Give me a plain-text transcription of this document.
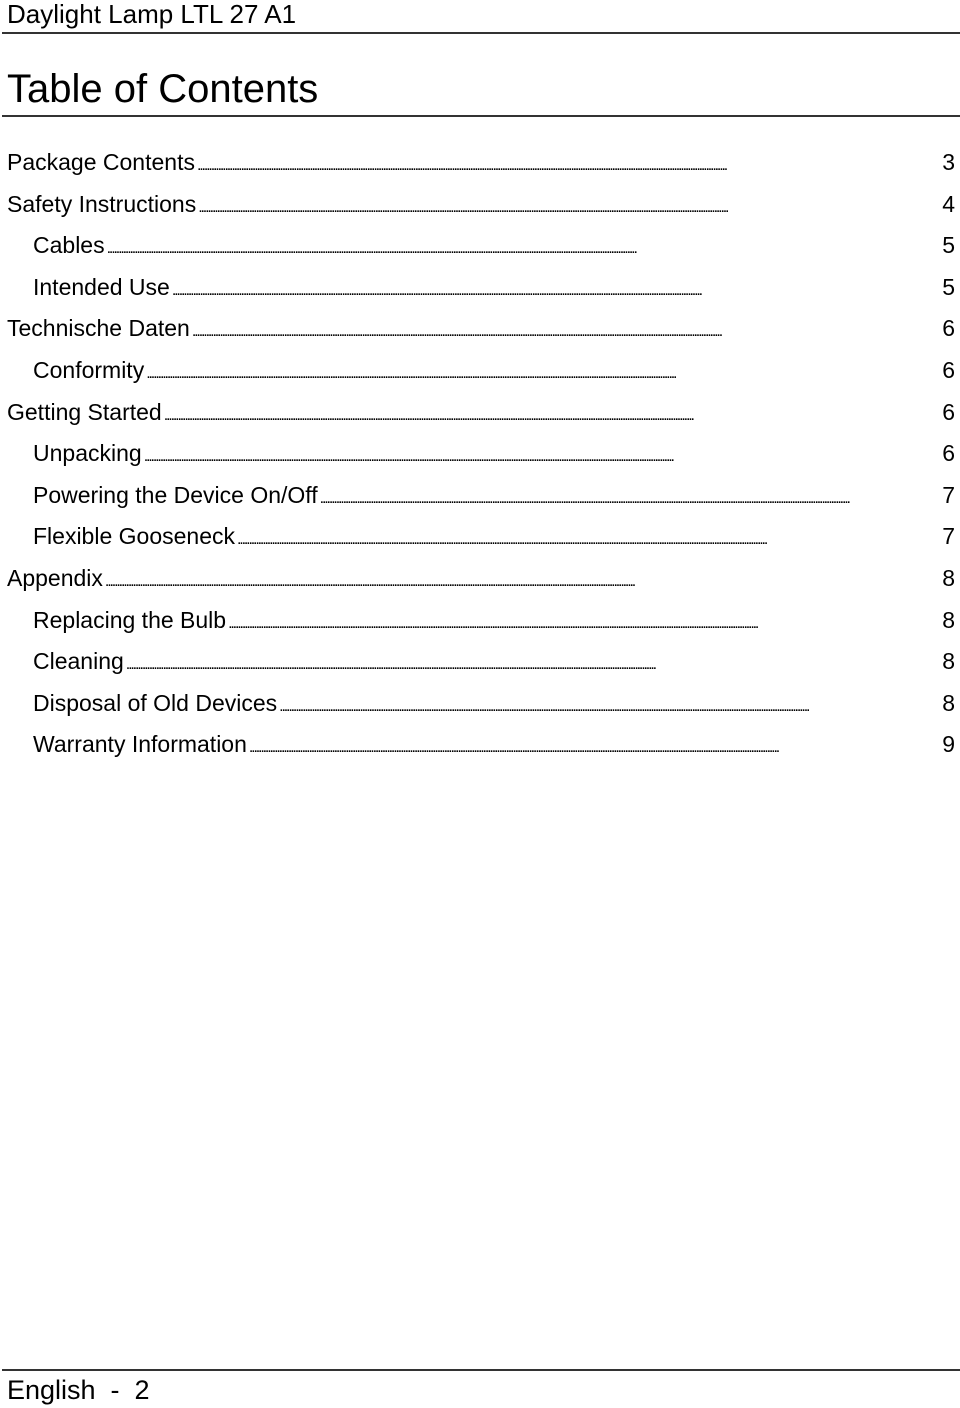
Daylight Lamp LTL 27 A1
Table of Contents
Package Contents . . .	3
Safety Instructions . . .	4
Cables . . .	5
Intended Use . . .	5
Technische Daten . . .	6
Conformity . . .	6
Getting Started . . .	6
Unpacking . . .	6
Powering the Device On/Off . . .	7
Flexible Gooseneck . . .	7
Appendix . . .	8
Replacing the Bulb . . .	8
Cleaning . . .	8
Disposal of Old Devices . . .	8
Warranty Information . . .	9
English  -  2
